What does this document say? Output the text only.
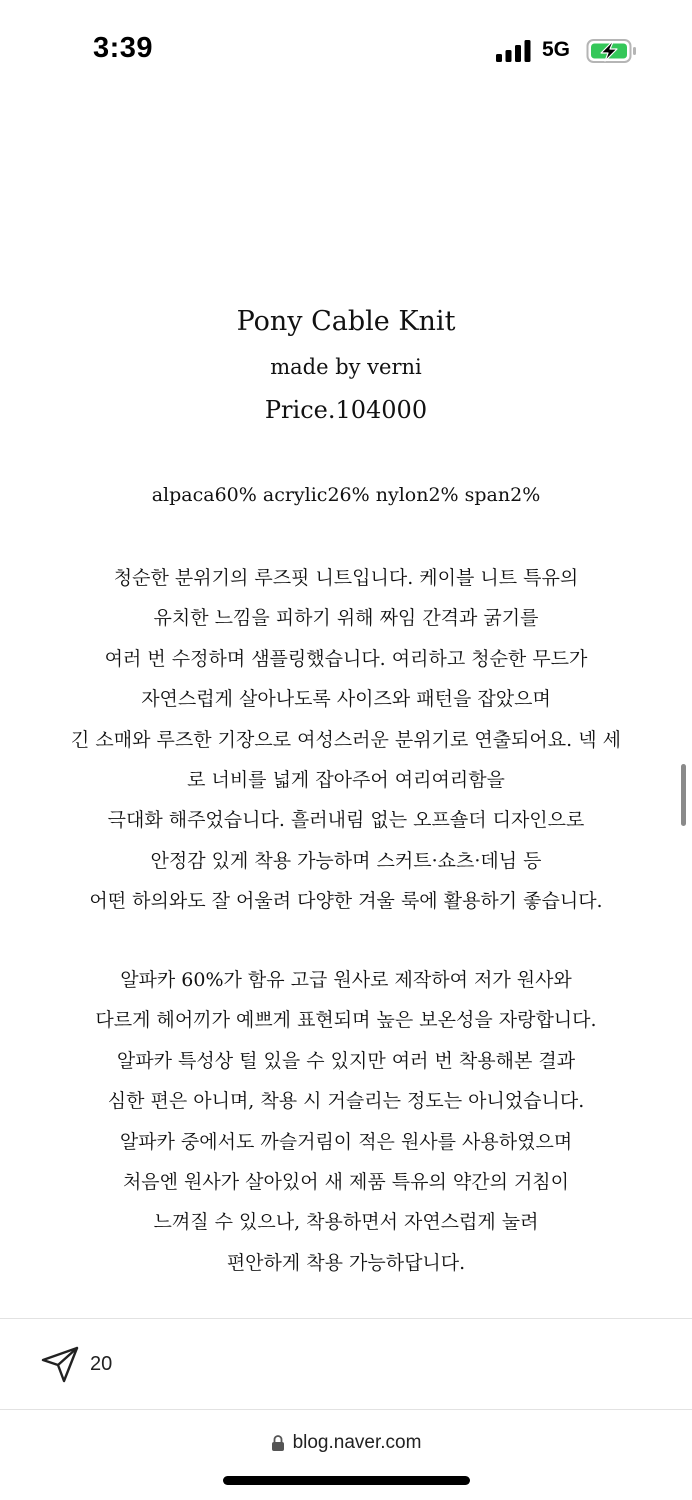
3:39	5G
Pony Cable Knit
made by verni
Price.104000
alpaca60% acrylic26% nylon2% span2%
청순한 분위기의 루즈핏 니트입니다. 케이블 니트 특유의
유치한 느낌을 피하기 위해 짜임 간격과 굵기를
여러 번 수정하며 샘플링했습니다. 여리하고 청순한 무드가
자연스럽게 살아나도록 사이즈와 패턴을 잡았으며
긴 소매와 루즈한 기장으로 여성스러운 분위기로 연출되어요. 넥 세
로 너비를 넓게 잡아주어 여리여리함을
극대화 해주었습니다. 흘러내림 없는 오프숄더 디자인으로
안정감 있게 착용 가능하며 스커트·쇼츠·데님 등
어떤 하의와도 잘 어울려 다양한 겨울 룩에 활용하기 좋습니다.
알파카 60%가 함유 고급 원사로 제작하여 저가 원사와
다르게 헤어끼가 예쁘게 표현되며 높은 보온성을 자랑합니다.
알파카 특성상 털 있을 수 있지만 여러 번 착용해본 결과
심한 편은 아니며, 착용 시 거슬리는 정도는 아니었습니다.
알파카 중에서도 까슬거림이 적은 원사를 사용하였으며
처음엔 원사가 살아있어 새 제품 특유의 약간의 거침이
느껴질 수 있으나, 착용하면서 자연스럽게 눌려
편안하게 착용 가능하답니다.
20
blog.naver.com
